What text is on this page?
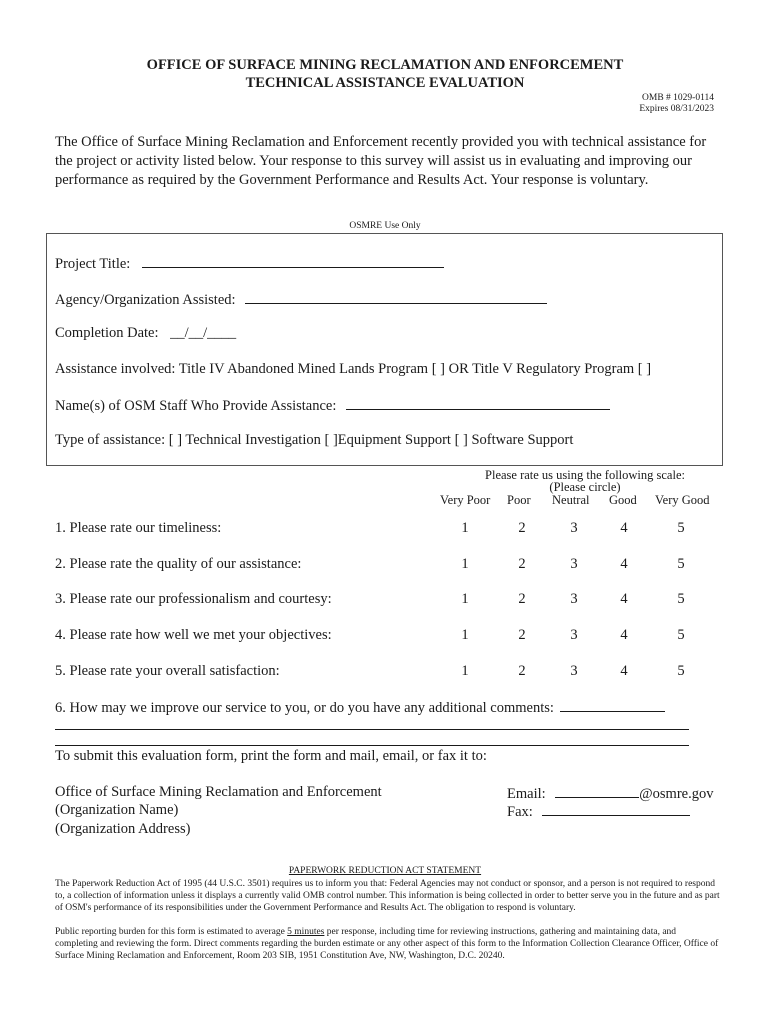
OFFICE OF SURFACE MINING RECLAMATION AND ENFORCEMENT
TECHNICAL ASSISTANCE EVALUATION
OMB # 1029-0114
Expires 08/31/2023
The Office of Surface Mining Reclamation and Enforcement recently provided you with technical assistance for the project or activity listed below. Your response to this survey will assist us in evaluating and improving our performance as required by the Government Performance and Results Act. Your response is voluntary.
OSMRE Use Only
Project Title:
Agency/Organization Assisted:
Completion Date: __/__/____
Assistance involved: Title IV Abandoned Mined Lands Program [ ] OR Title V Regulatory Program [ ]
Name(s) of OSM Staff Who Provide Assistance:
Type of assistance: [ ] Technical Investigation [ ]Equipment Support [ ] Software Support
Please rate us using the following scale:
(Please circle)
Very Poor Poor Neutral Good Very Good
1. Please rate our timeliness:	1	2	3	4	5
2. Please rate the quality of our assistance:	1	2	3	4	5
3. Please rate our professionalism and courtesy:	1	2	3	4	5
4. Please rate how well we met your objectives:	1	2	3	4	5
5. Please rate your overall satisfaction:	1	2	3	4	5
6. How may we improve our service to you, or do you have any additional comments:
To submit this evaluation form, print the form and mail, email, or fax it to:
Office of Surface Mining Reclamation and Enforcement
(Organization Name)
(Organization Address)
Email:	@osmre.gov
Fax:
PAPERWORK REDUCTION ACT STATEMENT
The Paperwork Reduction Act of 1995 (44 U.S.C. 3501) requires us to inform you that: Federal Agencies may not conduct or sponsor, and a person is not required to respond to, a collection of information unless it displays a currently valid OMB control number. This information is being collected in order to better serve you in the future and as part of OSM's performance of its responsibilities under the Government Performance and Results Act. The obligation to respond is voluntary.
Public reporting burden for this form is estimated to average 5 minutes per response, including time for reviewing instructions, gathering and maintaining data, and completing and reviewing the form. Direct comments regarding the burden estimate or any other aspect of this form to the Information Collection Clearance Officer, Office of Surface Mining Reclamation and Enforcement, Room 203 SIB, 1951 Constitution Ave, NW, Washington, D.C. 20240.
